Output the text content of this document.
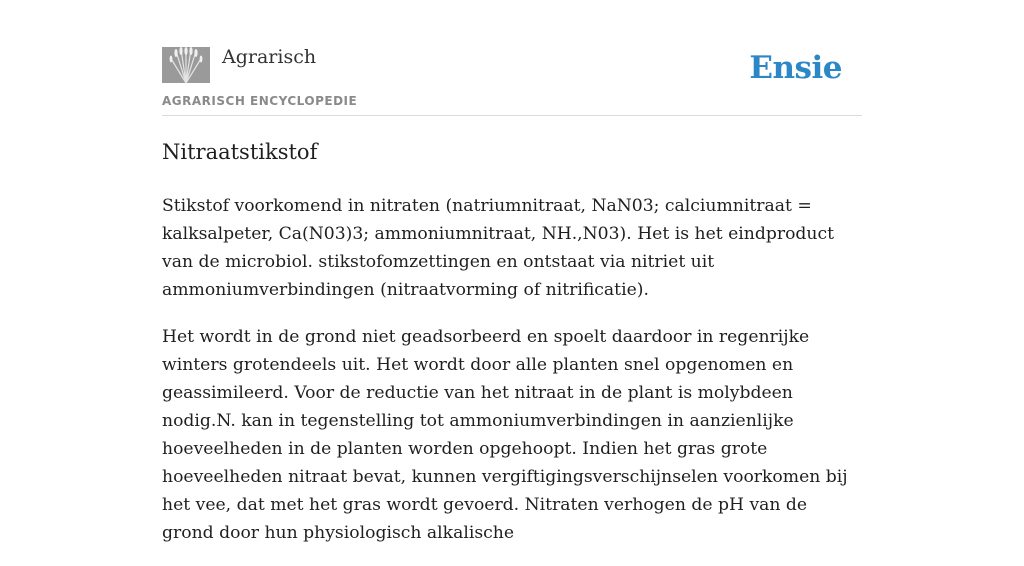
Agrarisch
AGRARISCH ENCYCLOPEDIE
Ensie
Nitraatstikstof

Stikstof voorkomend in nitraten (natriumnitraat, NaN03; calciumnitraat = kalksalpeter, Ca(N03)3; ammoniumnitraat, NH.,N03). Het is het eindproduct van de microbiol. stikstofomzettingen en ontstaat via nitriet uit ammoniumverbindingen (nitraatvorming of nitrificatie).

Het wordt in de grond niet geadsorbeerd en spoelt daardoor in regenrijke winters grotendeels uit. Het wordt door alle planten snel opgenomen en geassimileerd. Voor de reductie van het nitraat in de plant is molybdeen nodig.N. kan in tegenstelling tot ammoniumverbindingen in aanzienlijke hoeveelheden in de planten worden opgehoopt. Indien het gras grote hoeveelheden nitraat bevat, kunnen vergiftigingsverschijnselen voorkomen bij het vee, dat met het gras wordt gevoerd. Nitraten verhogen de pH van de grond door hun physiologisch alkalische
